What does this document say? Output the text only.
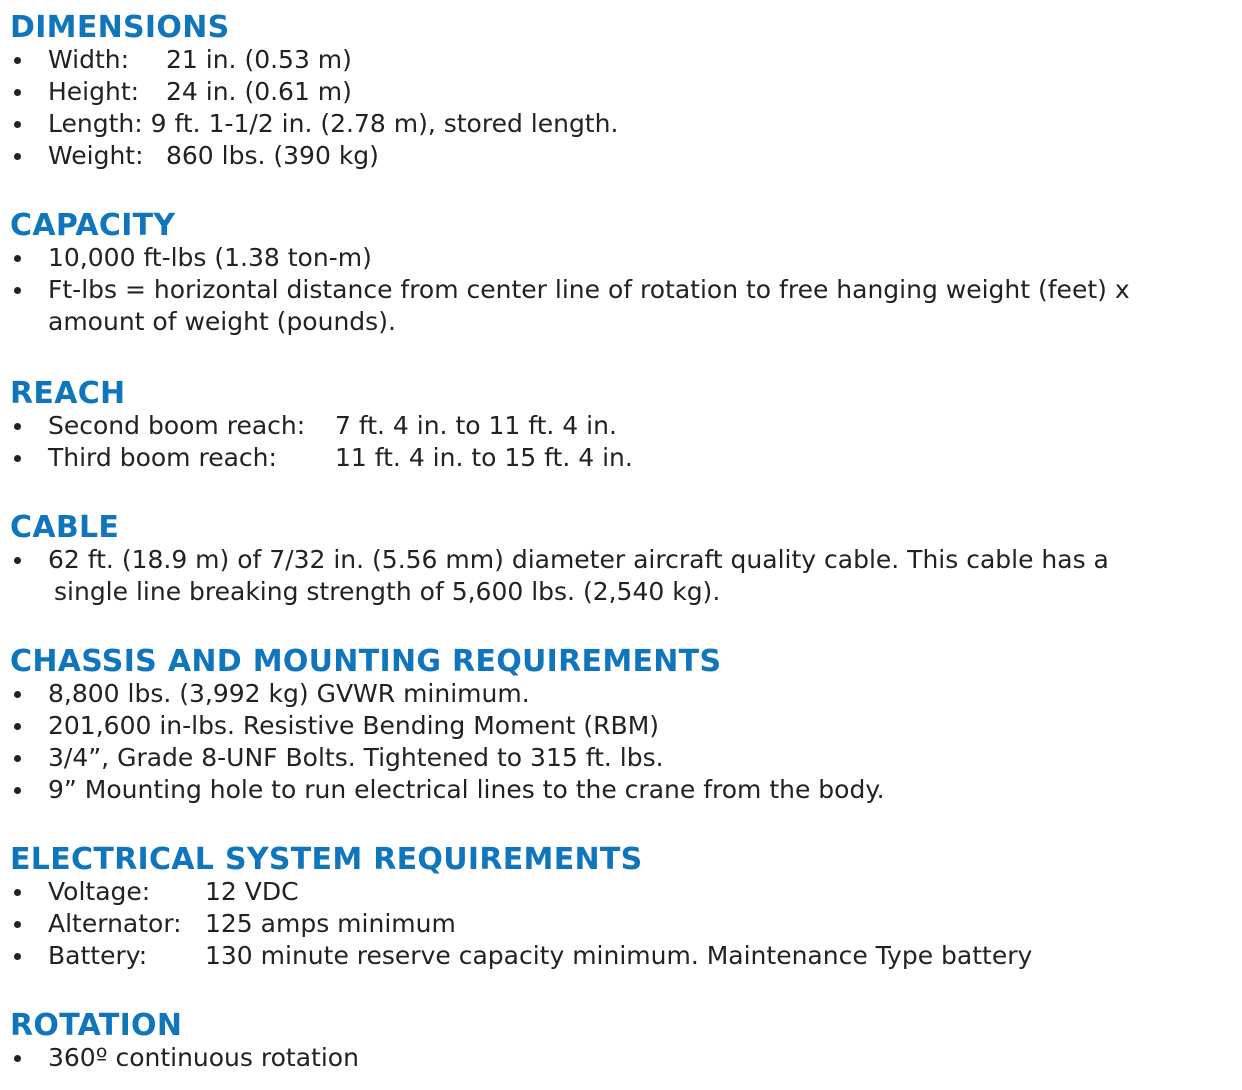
DIMENSIONS
Width: 21 in. (0.53 m)
Height: 24 in. (0.61 m)
Length: 9 ft. 1-1/2 in. (2.78 m), stored length.
Weight: 860 lbs. (390 kg)
CAPACITY
10,000 ft-lbs (1.38 ton-m)
Ft-lbs = horizontal distance from center line of rotation to free hanging weight (feet) x amount of weight (pounds).
REACH
Second boom reach: 7 ft. 4 in. to 11 ft. 4 in.
Third boom reach: 11 ft. 4 in. to 15 ft. 4 in.
CABLE
62 ft. (18.9 m) of 7/32 in. (5.56 mm) diameter aircraft quality cable. This cable has a
single line breaking strength of 5,600 lbs. (2,540 kg).
CHASSIS AND MOUNTING REQUIREMENTS
8,800 lbs. (3,992 kg) GVWR minimum.
201,600 in-lbs. Resistive Bending Moment (RBM)
3/4”, Grade 8-UNF Bolts. Tightened to 315 ft. lbs.
9” Mounting hole to run electrical lines to the crane from the body.
ELECTRICAL SYSTEM REQUIREMENTS
Voltage: 12 VDC
Alternator: 125 amps minimum
Battery: 130 minute reserve capacity minimum. Maintenance Type battery
ROTATION
360º continuous rotation
